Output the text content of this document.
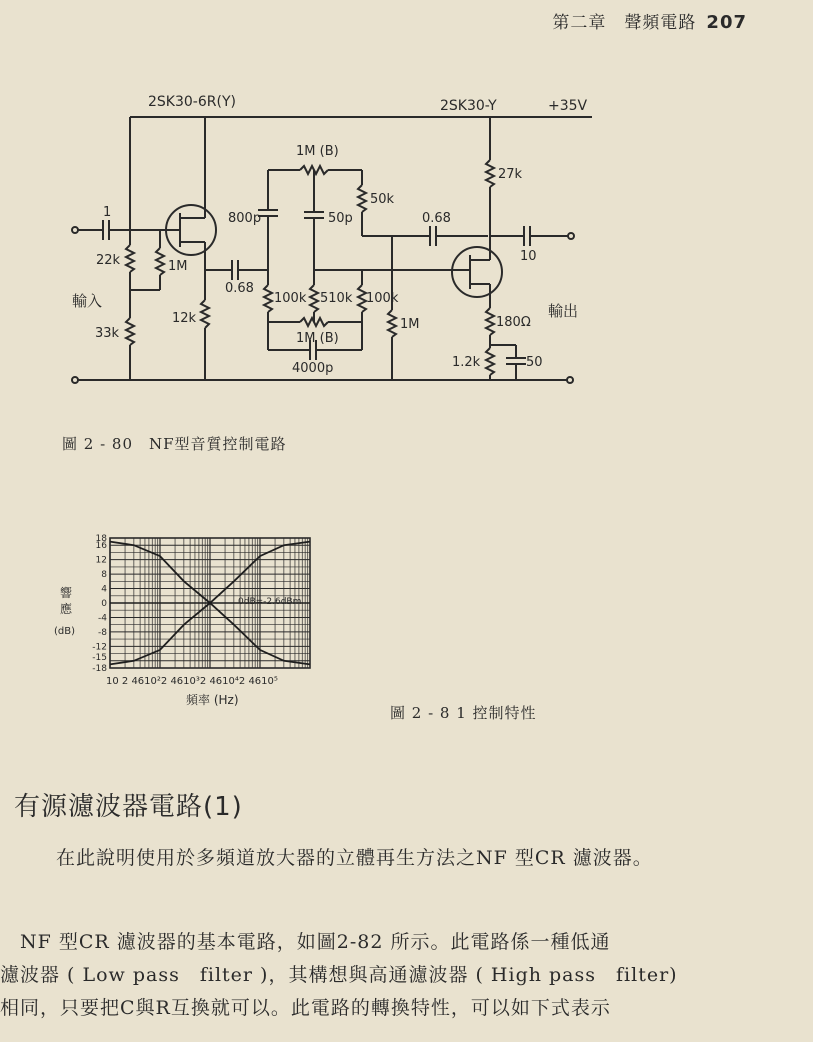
第二章　聲頻電路 207
2SK30-6R(Y)	2SK30-Y	+35V
1
22k	1M
33k
12k
0.68
800p	50p
1M (B)
50k
100k 510k 100k
1M (B)
4000p
1M
0.68
27k
10
180Ω
1.2k	50
輸入
輸出
圖 2 - 80　NF型音質控制電路
18
16
12
8
4
0
-4
-8
-12
-15
-18
響
應
(dB)
0dB=-2.6dBm
10 2 4610²2 4610³2 4610⁴2 4610⁵
頻率 (Hz)
圖 2 - 8 1 控制特性
有源濾波器電路(1)
在此說明使用於多頻道放大器的立體再生方法之NF 型CR 濾波器。
　NF 型CR 濾波器的基本電路，如圖2-82 所示。此電路係一種低通
濾波器 ( Low pass　filter )，其構想與高通濾波器 ( High pass　filter)
相同，只要把C與R互換就可以。此電路的轉換特性，可以如下式表示
